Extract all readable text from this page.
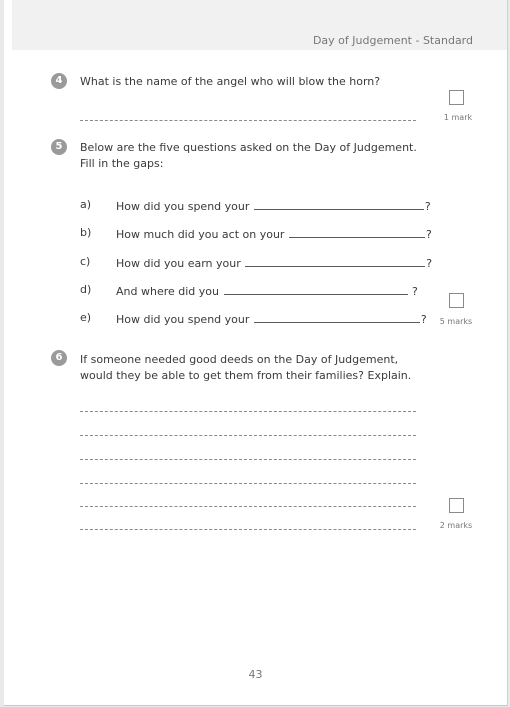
Day of Judgement - Standard
4	What is the name of the angel who will blow the horn?
1 mark
5	Below are the five questions asked on the Day of Judgement. Fill in the gaps:
a) How did you spend your	?
b) How much did you act on your	?
c) How did you earn your	?
d) And where did you	?
e) How did you spend your	?	5 marks
6	If someone needed good deeds on the Day of Judgement, would they be able to get them from their families? Explain.
2 marks
43
